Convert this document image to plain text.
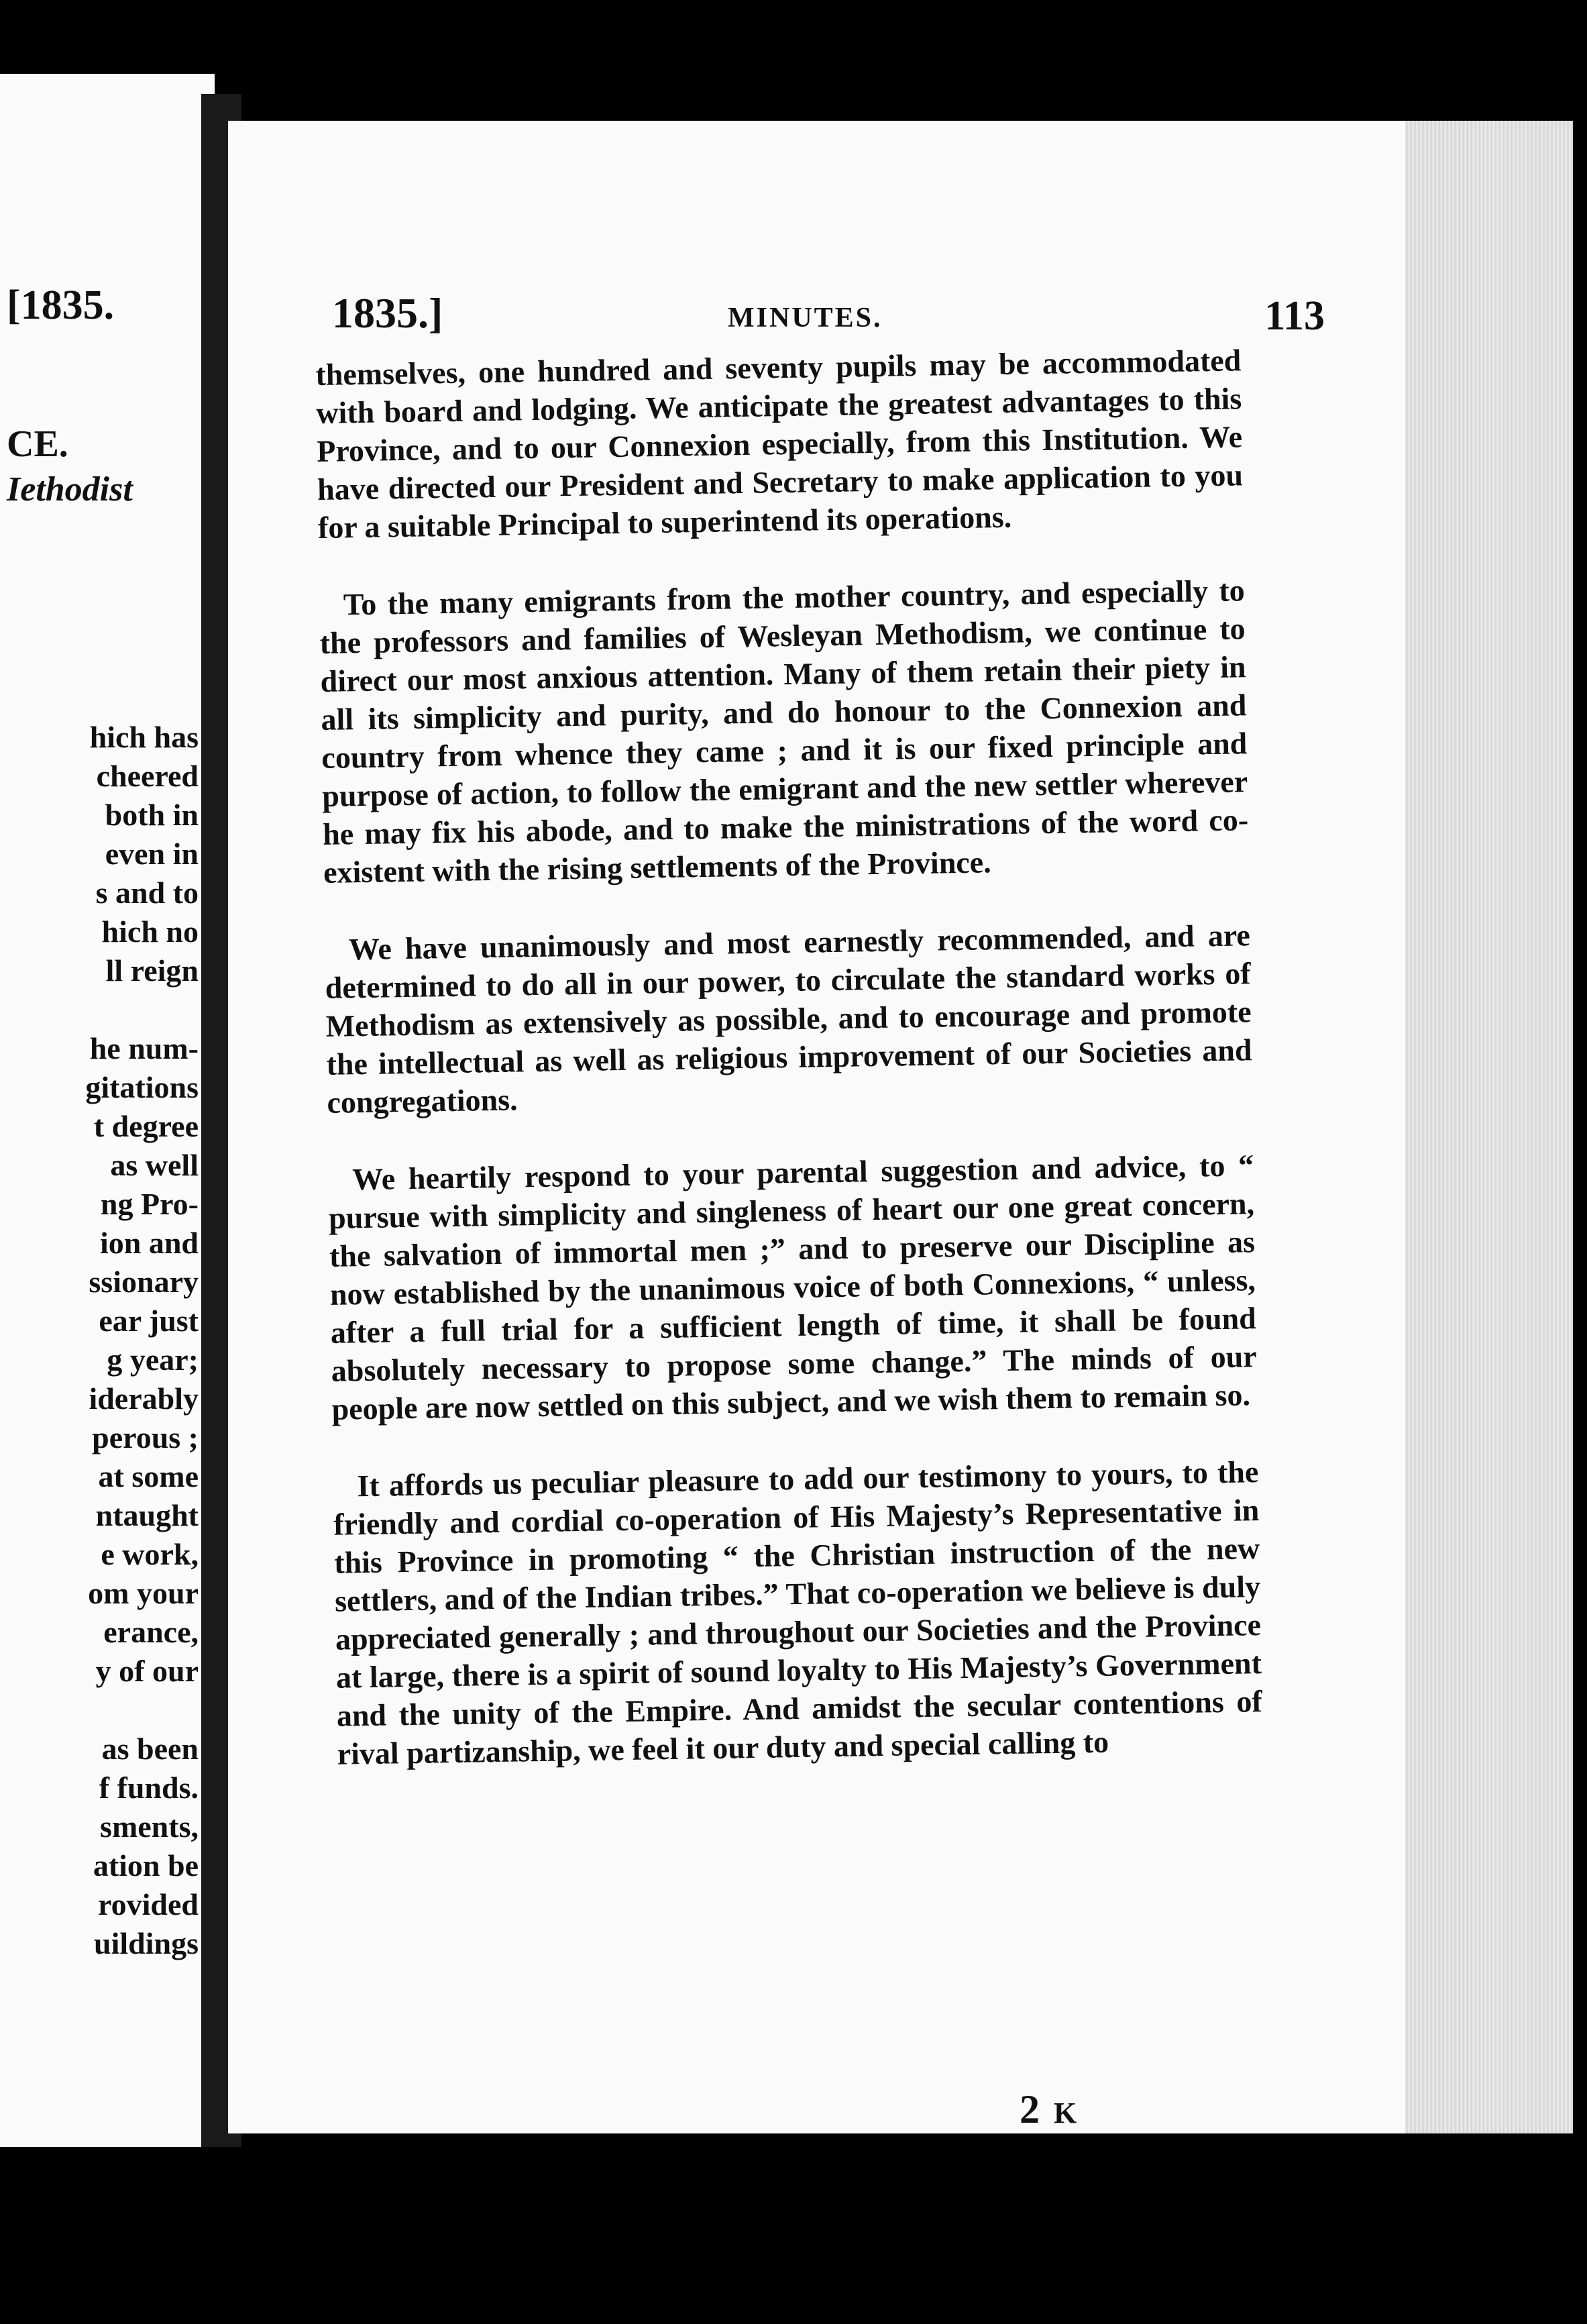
[1835.
CE.
Iethodist
hich has
cheered
both in
even in
s and to
hich no
ll reign
he num-
gitations
t degree
as well
ng Pro-
ion and
ssionary
ear just
g year;
iderably
perous ;
at some
ntaught
e work,
om your
erance,
y of our
as been
f funds.
sments,
ation be
rovided
uildings
1835.]	MINUTES.	113

themselves, one hundred and seventy pupils may be accommodated with board and lodging. We anticipate the greatest advantages to this Province, and to our Connexion especially, from this Institution. We have directed our President and Secretary to make application to you for a suitable Principal to superintend its operations.

To the many emigrants from the mother country, and especially to the professors and families of Wesleyan Methodism, we continue to direct our most anxious attention. Many of them retain their piety in all its simplicity and purity, and do honour to the Connexion and country from whence they came ; and it is our fixed principle and purpose of action, to follow the emigrant and the new settler wherever he may fix his abode, and to make the ministrations of the word co-existent with the rising settlements of the Province.

We have unanimously and most earnestly recommended, and are determined to do all in our power, to circulate the standard works of Methodism as extensively as possible, and to encourage and promote the intellectual as well as religious improvement of our Societies and congregations.

We heartily respond to your parental suggestion and advice, to “ pursue with simplicity and singleness of heart our one great concern, the salvation of immortal men ;” and to preserve our Discipline as now established by the unanimous voice of both Connexions, “ unless, after a full trial for a sufficient length of time, it shall be found absolutely necessary to propose some change.” The minds of our people are now settled on this subject, and we wish them to remain so.

It affords us peculiar pleasure to add our testimony to yours, to the friendly and cordial co-operation of His Majesty’s Representative in this Province in promoting “ the Christian instruction of the new settlers, and of the Indian tribes.” That co-operation we believe is duly appreciated generally ; and throughout our Societies and the Province at large, there is a spirit of sound loyalty to His Majesty’s Government and the unity of the Empire. And amidst the secular contentions of rival partizanship, we feel it our duty and special calling to

2 K
